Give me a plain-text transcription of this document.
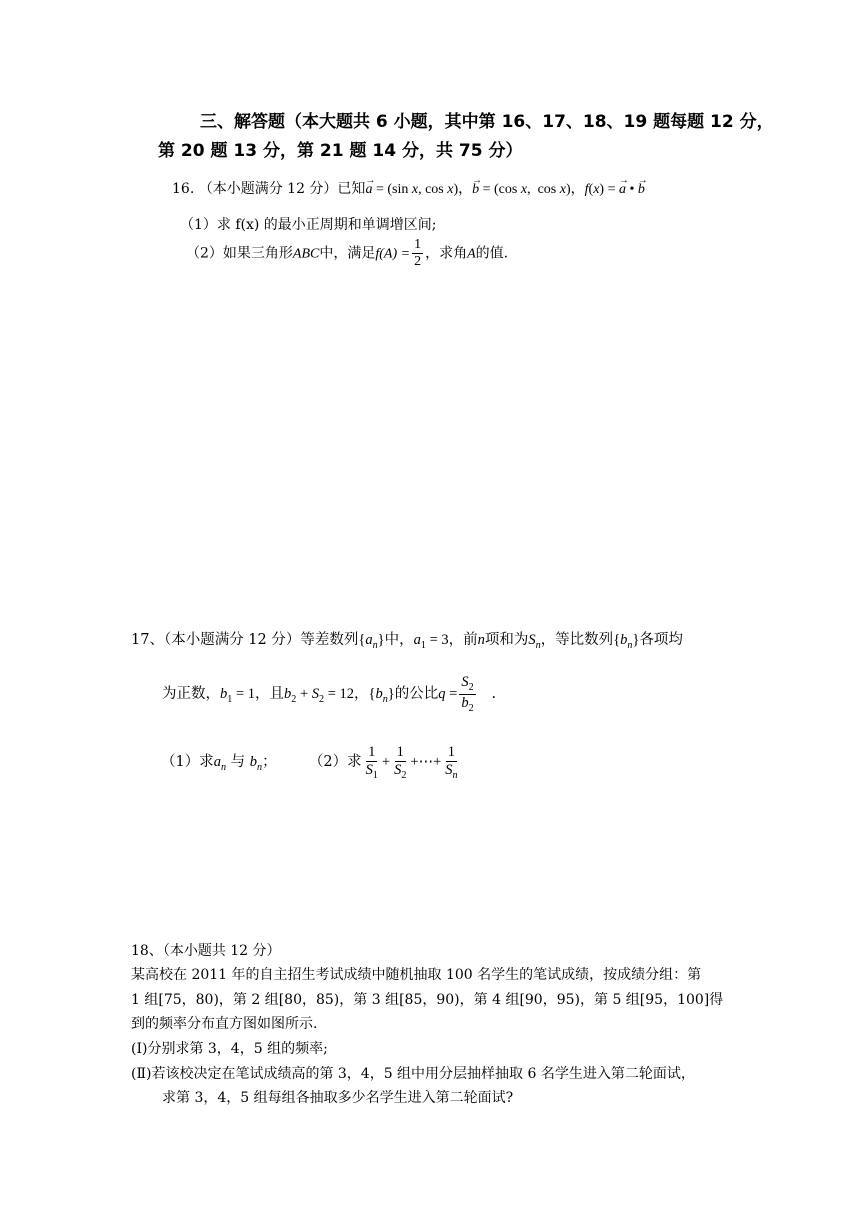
三、解答题（本大题共 6 小题，其中第 16、17、18、19 题每题 12 分，
第 20 题 13 分，第 21 题 14 分，共 75 分）
16. （本小题满分 12 分）已知→ a = (sin x, cos x)，→ b = (cos x,  cos x)，f(x) = → a • → b
（1）求 f(x) 的最小正周期和单调增区间;
（2）如果三角形ABC中，满足$f(A) = \frac{1}{2}$ ，求角A的值.
17、（本小题满分 12 分）等差数列$\{a_n\}$中，$a_1 = 3$，前n项和为$S_n$，等比数列$\{b_n\}$各项均
为正数，$b_1 = 1$，且$b_2 + S_2 = 12$，$\{b_n\}$的公比$q = \frac{S_2}{b_2}$ .
（1）求$a_n$ 与 $b_n$； （2）求 $\frac{1}{S_1} + \frac{1}{S_2}$ +⋯+ $\frac{1}{S_n}$
18、（本小题共 12 分）
某高校在 2011 年的自主招生考试成绩中随机抽取 100 名学生的笔试成绩，按成绩分组：第
1 组[75，80)，第 2 组[80，85)，第 3 组[85，90)，第 4 组[90，95)，第 5 组[95，100]得
到的频率分布直方图如图所示.
(Ⅰ)分别求第 3，4，5 组的频率;
(Ⅱ)若该校决定在笔试成绩高的第 3，4，5 组中用分层抽样抽取 6 名学生进入第二轮面试，
求第 3，4，5 组每组各抽取多少名学生进入第二轮面试?
